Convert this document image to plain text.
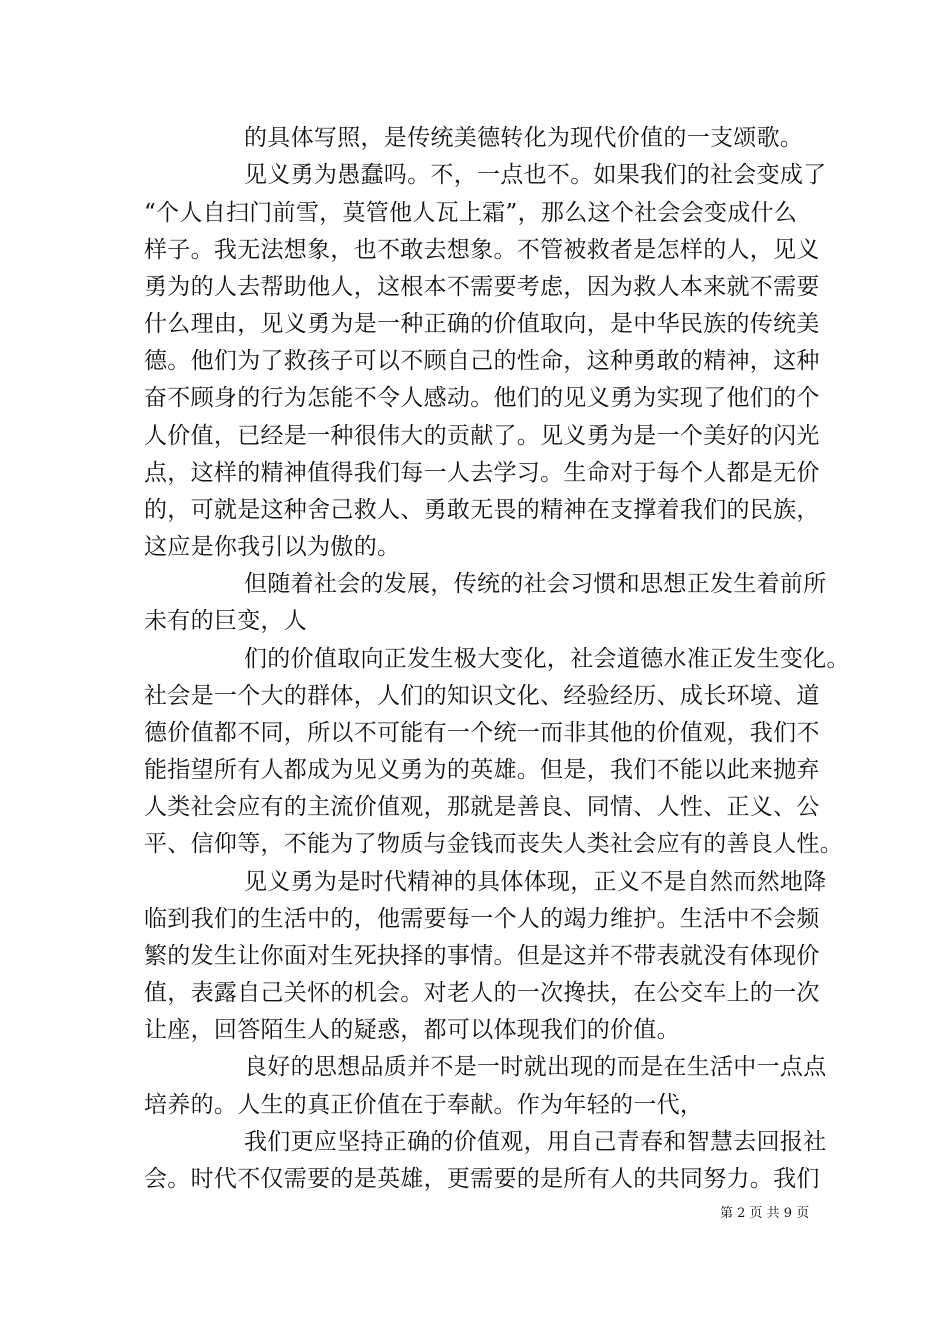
的具体写照，是传统美德转化为现代价值的一支颂歌。
见义勇为愚蠢吗。不，一点也不。如果我们的社会变成了
“个人自扫门前雪，莫管他人瓦上霜”，那么这个社会会变成什么
样子。我无法想象，也不敢去想象。不管被救者是怎样的人，见义
勇为的人去帮助他人，这根本不需要考虑，因为救人本来就不需要
什么理由，见义勇为是一种正确的价值取向，是中华民族的传统美
德。他们为了救孩子可以不顾自己的性命，这种勇敢的精神，这种
奋不顾身的行为怎能不令人感动。他们的见义勇为实现了他们的个
人价值，已经是一种很伟大的贡献了。见义勇为是一个美好的闪光
点，这样的精神值得我们每一人去学习。生命对于每个人都是无价
的，可就是这种舍己救人、勇敢无畏的精神在支撑着我们的民族，
这应是你我引以为傲的。
但随着社会的发展，传统的社会习惯和思想正发生着前所
未有的巨变，人
们的价值取向正发生极大变化，社会道德水准正发生变化。
社会是一个大的群体，人们的知识文化、经验经历、成长环境、道
德价值都不同，所以不可能有一个统一而非其他的价值观，我们不
能指望所有人都成为见义勇为的英雄。但是，我们不能以此来抛弃
人类社会应有的主流价值观，那就是善良、同情、人性、正义、公
平、信仰等，不能为了物质与金钱而丧失人类社会应有的善良人性。
见义勇为是时代精神的具体体现，正义不是自然而然地降
临到我们的生活中的，他需要每一个人的竭力维护。生活中不会频
繁的发生让你面对生死抉择的事情。但是这并不带表就没有体现价
值，表露自己关怀的机会。对老人的一次搀扶，在公交车上的一次
让座，回答陌生人的疑惑，都可以体现我们的价值。
良好的思想品质并不是一时就出现的而是在生活中一点点
培养的。人生的真正价值在于奉献。作为年轻的一代，
我们更应坚持正确的价值观，用自己青春和智慧去回报社
会。时代不仅需要的是英雄，更需要的是所有人的共同努力。我们
第 2 页 共 9 页
